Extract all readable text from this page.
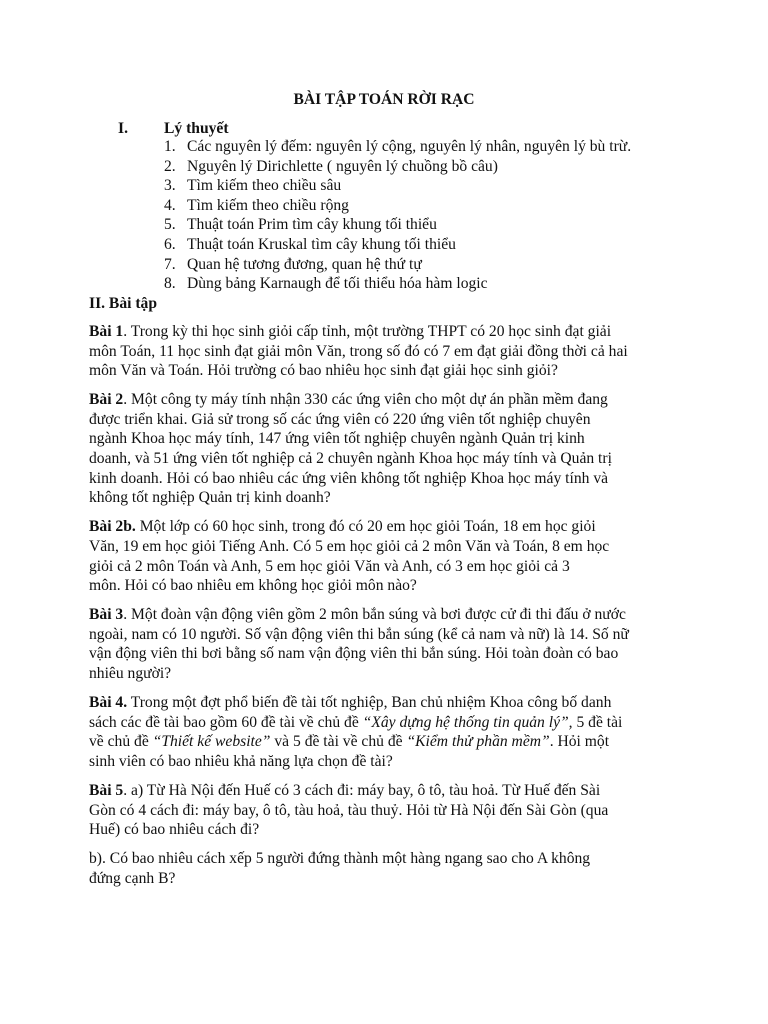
BÀI TẬP TOÁN RỜI RẠC
I. Lý thuyết
1. Các nguyên lý đếm: nguyên lý cộng, nguyên lý nhân, nguyên lý bù trừ.
2. Nguyên lý Dirichlette ( nguyên lý chuồng bồ câu)
3. Tìm kiếm theo chiều sâu
4. Tìm kiếm theo chiều rộng
5. Thuật toán Prim tìm cây khung tối thiểu
6. Thuật toán Kruskal tìm cây khung tối thiểu
7. Quan hệ tương đương, quan hệ thứ tự
8. Dùng bảng Karnaugh để tối thiểu hóa hàm logic
II. Bài tập

Bài 1. Trong kỳ thi học sinh giỏi cấp tỉnh, một trường THPT có 20 học sinh đạt giải
môn Toán, 11 học sinh đạt giải môn Văn, trong số đó có 7 em đạt giải đồng thời cả hai
môn Văn và Toán. Hỏi trường có bao nhiêu học sinh đạt giải học sinh giỏi?

Bài 2. Một công ty máy tính nhận 330 các ứng viên cho một dự án phần mềm đang
được triển khai. Giả sử trong số các ứng viên có 220 ứng viên tốt nghiệp chuyên
ngành Khoa học máy tính, 147 ứng viên tốt nghiệp chuyên ngành Quản trị kinh
doanh, và 51 ứng viên tốt nghiệp cả 2 chuyên ngành Khoa học máy tính và Quản trị
kinh doanh. Hỏi có bao nhiêu các ứng viên không tốt nghiệp Khoa học máy tính và
không tốt nghiệp Quản trị kinh doanh?

Bài 2b. Một lớp có 60 học sinh, trong đó có 20 em học giỏi Toán, 18 em học giỏi
Văn, 19 em học giỏi Tiếng Anh. Có 5 em học giỏi cả 2 môn Văn và Toán, 8 em học
giỏi cả 2 môn Toán và Anh, 5 em học giỏi Văn và Anh, có 3 em học giỏi cả 3
môn. Hỏi có bao nhiêu em không học giỏi môn nào?

Bài 3. Một đoàn vận động viên gồm 2 môn bắn súng và bơi được cử đi thi đấu ở nước
ngoài, nam có 10 người. Số vận động viên thi bắn súng (kể cả nam và nữ) là 14. Số nữ
vận động viên thi bơi bằng số nam vận động viên thi bắn súng. Hỏi toàn đoàn có bao
nhiêu người?

Bài 4. Trong một đợt phổ biến đề tài tốt nghiệp, Ban chủ nhiệm Khoa công bố danh
sách các đề tài bao gồm 60 đề tài về chủ đề “Xây dựng hệ thống tin quản lý”, 5 đề tài
về chủ đề “Thiết kế website” và 5 đề tài về chủ đề “Kiểm thử phần mềm”. Hỏi một
sinh viên có bao nhiêu khả năng lựa chọn đề tài?

Bài 5. a) Từ Hà Nội đến Huế có 3 cách đi: máy bay, ô tô, tàu hoả. Từ Huế đến Sài
Gòn có 4 cách đi: máy bay, ô tô, tàu hoả, tàu thuỷ. Hỏi từ Hà Nội đến Sài Gòn (qua
Huế) có bao nhiêu cách đi?

b). Có bao nhiêu cách xếp 5 người đứng thành một hàng ngang sao cho A không
đứng cạnh B?
